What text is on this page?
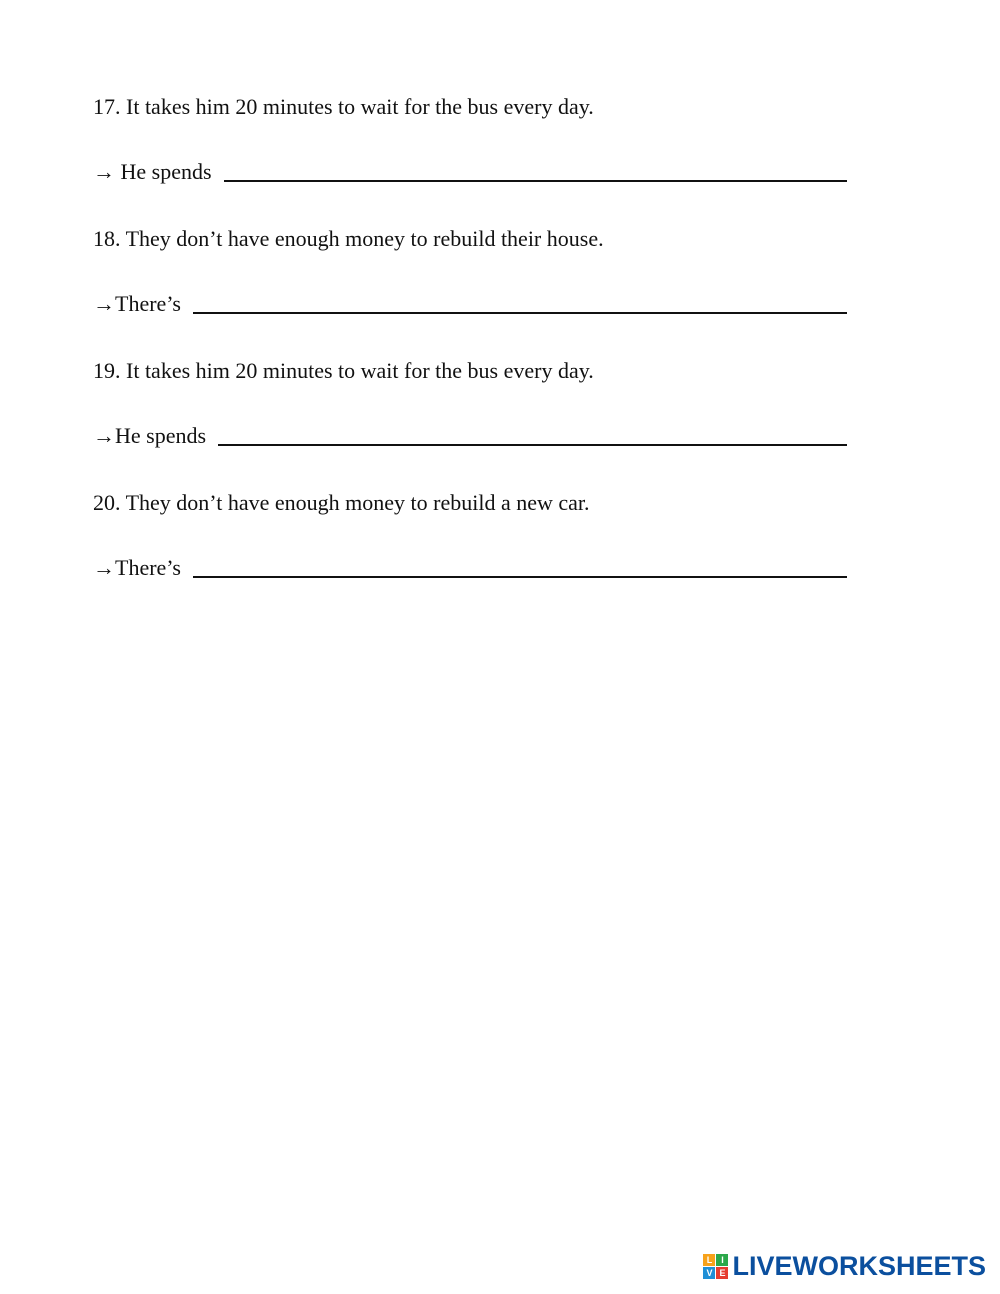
17. It takes him 20 minutes to wait for the bus every day.
→ He spends
18. They don’t have enough money to rebuild their house.
→There’s
19. It takes him 20 minutes to wait for the bus every day.
→He spends
20. They don’t have enough money to rebuild a new car.
→There’s
L I
V E LIVEWORKSHEETS
